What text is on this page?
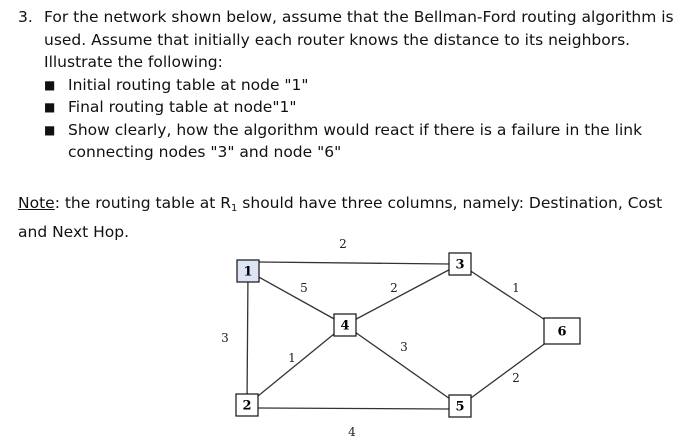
3. For the network shown below, assume that the Bellman-Ford routing algorithm is used. Assume that initially each router knows the distance to its neighbors. Illustrate the following:
■ Initial routing table at node "1"
■ Final routing table at node"1"
■ Show clearly, how the algorithm would react if there is a failure in the link connecting nodes "3" and node "6"
Note: the routing table at $R_1$ should have three columns, namely: Destination, Cost and Next Hop.
2
5
3
1
2
3
1
2
4
1
2
3
4
5
6
